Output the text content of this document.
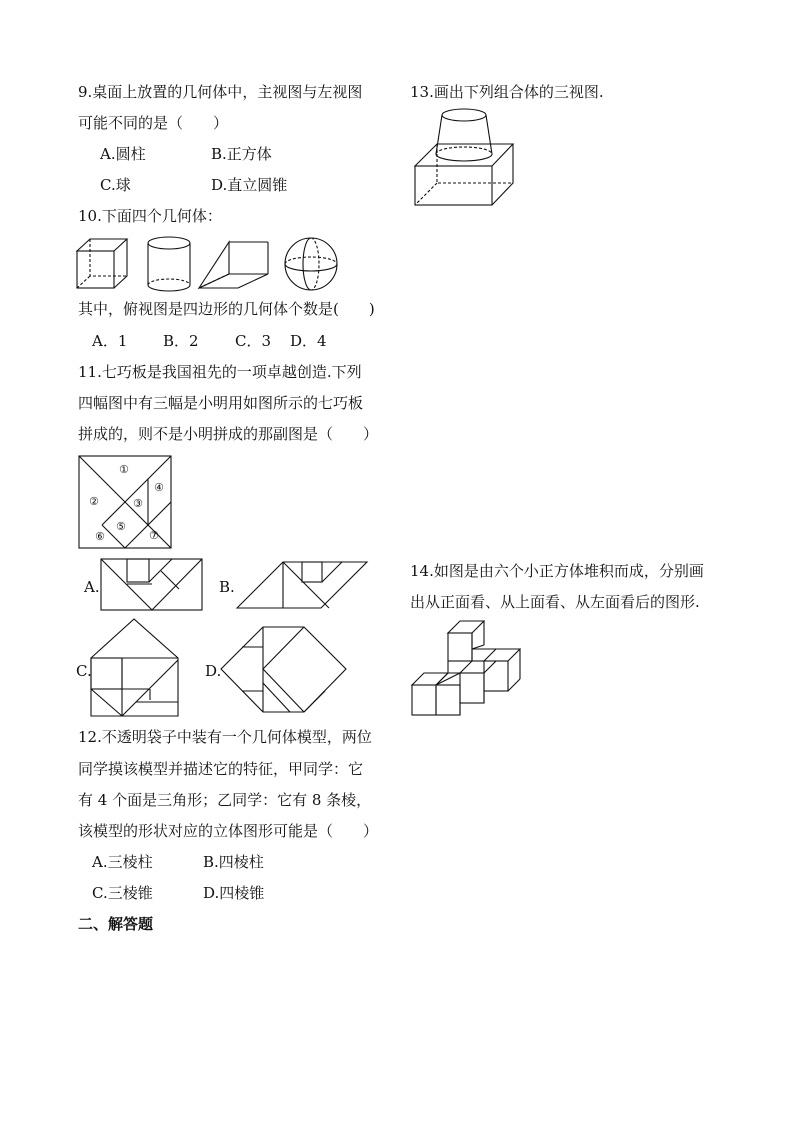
9.桌面上放置的几何体中，主视图与左视图
可能不同的是（　　）
A.圆柱	B.正方体
C.球	D.直立圆锥
10.下面四个几何体：
其中，俯视图是四边形的几何体个数是(　　)
A．1 B．2 C．3 D．4
11.七巧板是我国祖先的一项卓越创造.下列
四幅图中有三幅是小明用如图所示的七巧板
拼成的，则不是小明拼成的那副图是（　　）
①
②	③
④
⑤
⑥	⑦
A.	B.
C.	D.
12.不透明袋子中装有一个几何体模型，两位
同学摸该模型并描述它的特征，甲同学：它
有 4 个面是三角形；乙同学：它有 8 条棱，
该模型的形状对应的立体图形可能是（　　）
A.三棱柱	B.四棱柱
C.三棱锥	D.四棱锥
二、解答题
13.画出下列组合体的三视图.
14.如图是由六个小正方体堆积而成，分别画
出从正面看、从上面看、从左面看后的图形.
